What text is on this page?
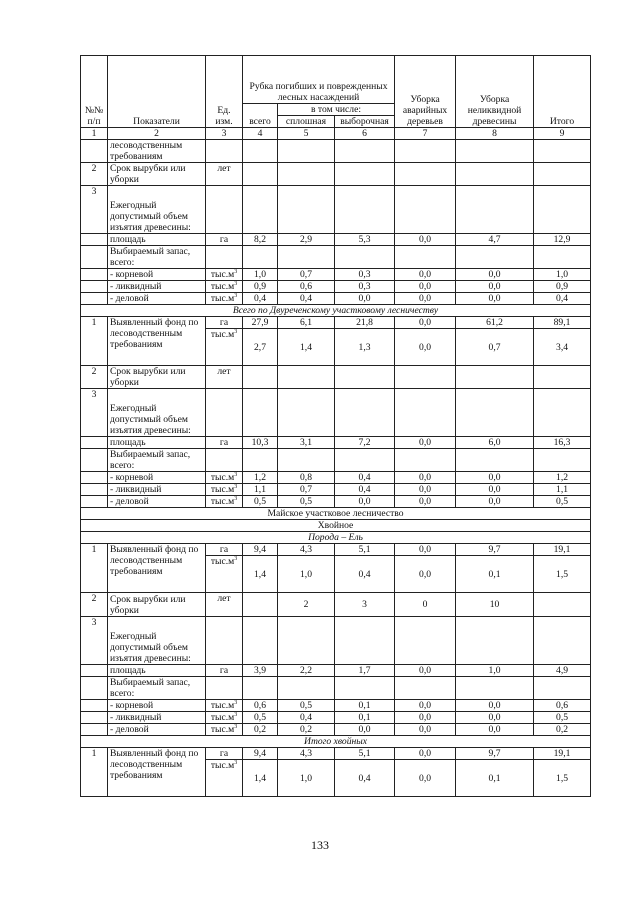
№№ п/п	Показатели	Ед. изм.	Рубка погибших и поврежденных лесных насаждений			Уборка аварийных деревьев	Уборка неликвидной древесины	Итого
			всего	в том числе:				
				сплошная	выборочная			
1	2	3	4	5	6	7	8	9
	лесоводственным требованиям							
2	Срок вырубки или уборки	лет						
3	Ежегодный допустимый объем изъятия древесины:							
	площадь	га	8,2	2,9	5,3	0,0	4,7	12,9
	Выбираемый запас, всего:							
	- корневой	$тыс.м^3$	1,0	0,7	0,3	0,0	0,0	1,0
	- ликвидный	$тыс.м^3$	0,9	0,6	0,3	0,0	0,0	0,9
	- деловой	$тыс.м^3$	0,4	0,4	0,0	0,0	0,0	0,4
Всего по Двуреченскому участковому лесничеству								
1	Выявленный фонд по лесоводственным требованиям	га	27,9	6,1	21,8	0,0	61,2	89,1
		$тыс.м^3$	2,7	1,4	1,3	0,0	0,7	3,4
2	Срок вырубки или уборки	лет						
3	Ежегодный допустимый объем изъятия древесины:							
	площадь	га	10,3	3,1	7,2	0,0	6,0	16,3
	Выбираемый запас, всего:							
	- корневой	$тыс.м^3$	1,2	0,8	0,4	0,0	0,0	1,2
	- ликвидный	$тыс.м^3$	1,1	0,7	0,4	0,0	0,0	1,1
	- деловой	$тыс.м^3$	0,5	0,5	0,0	0,0	0,0	0,5
Майское участковое лесничество								
Хвойное								
Порода – Ель								
1	Выявленный фонд по лесоводственным требованиям	га	9,4	4,3	5,1	0,0	9,7	19,1
		$тыс.м^3$	1,4	1,0	0,4	0,0	0,1	1,5
2	Срок вырубки или уборки	лет		2	3	0	10	
3	Ежегодный допустимый объем изъятия древесины:							
	площадь	га	3,9	2,2	1,7	0,0	1,0	4,9
	Выбираемый запас, всего:							
	- корневой	$тыс.м^3$	0,6	0,5	0,1	0,0	0,0	0,6
	- ликвидный	$тыс.м^3$	0,5	0,4	0,1	0,0	0,0	0,5
	- деловой	$тыс.м^3$	0,2	0,2	0,0	0,0	0,0	0,2
Итого хвойных								
1	Выявленный фонд по лесоводственным требованиям	га	9,4	4,3	5,1	0,0	9,7	19,1
		$тыс.м^3$	1,4	1,0	0,4	0,0	0,1	1,5
133
